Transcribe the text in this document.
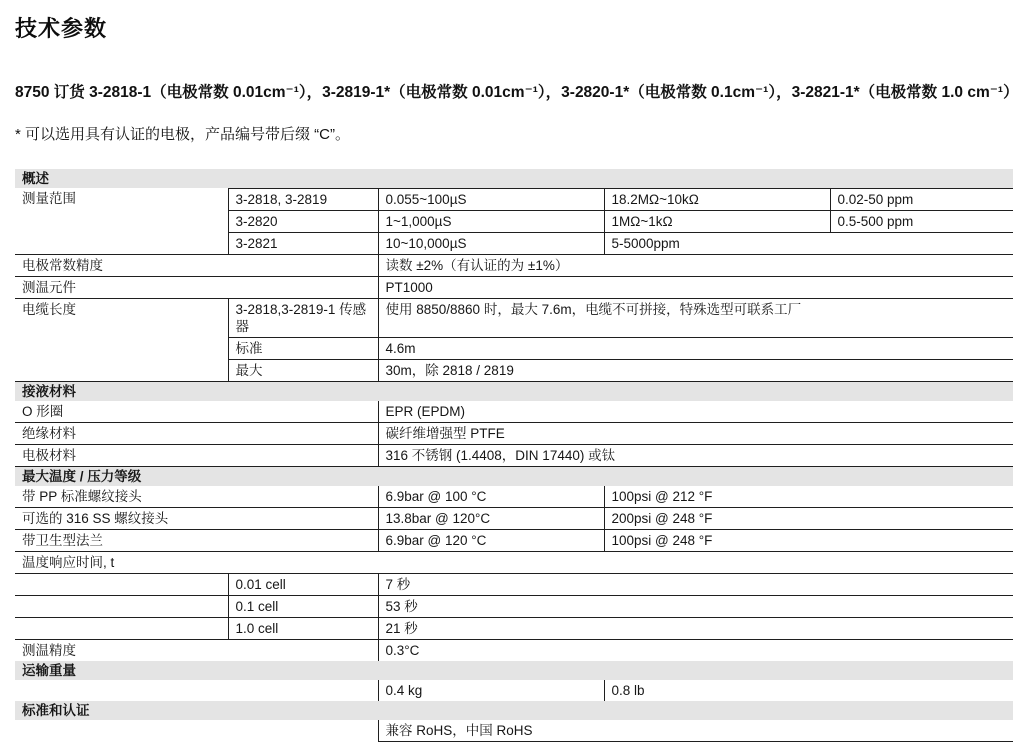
技术参数

8750 订货 3-2818-1（电极常数 0.01cm⁻¹），3-2819-1*（电极常数 0.01cm⁻¹），3-2820-1*（电极常数 0.1cm⁻¹），3-2821-1*（电极常数 1.0 cm⁻¹）

* 可以选用具有认证的电极，产品编号带后缀 “C”。

概述				
测量范围	3-2818, 3-2819	0.055~100µS	18.2MΩ~10kΩ	0.02-50 ppm
	3-2820	1~1,000µS	1MΩ~1kΩ	0.5-500 ppm
	3-2821	10~10,000µS	5-5000ppm	
电极常数精度		读数 ±2%（有认证的为 ±1%）		
测温元件		PT1000		
电缆长度	3-2818,3-2819-1 传感器	使用 8850/8860 时，最大 7.6m，电缆不可拼接，特殊选型可联系工厂		
	标准	4.6m		
	最大	30m，除 2818 / 2819		
接液材料				
O 形圈		EPR (EPDM)		
绝缘材料		碳纤维增强型 PTFE		
电极材料		316 不锈钢 (1.4408，DIN 17440) 或钛		
最大温度 / 压力等级				
带 PP 标准螺纹接头		6.9bar @ 100 °C	100psi @ 212 °F	
可选的 316 SS 螺纹接头		13.8bar @ 120°C	200psi @ 248 °F	
带卫生型法兰		6.9bar @ 120 °C	100psi @ 248 °F	
温度响应时间, t				
	0.01 cell	7 秒		
	0.1 cell	53 秒		
	1.0 cell	21 秒		
测温精度		0.3°C		
运输重量				
		0.4 kg	0.8 lb	
标准和认证				
		兼容 RoHS，中国 RoHS		
